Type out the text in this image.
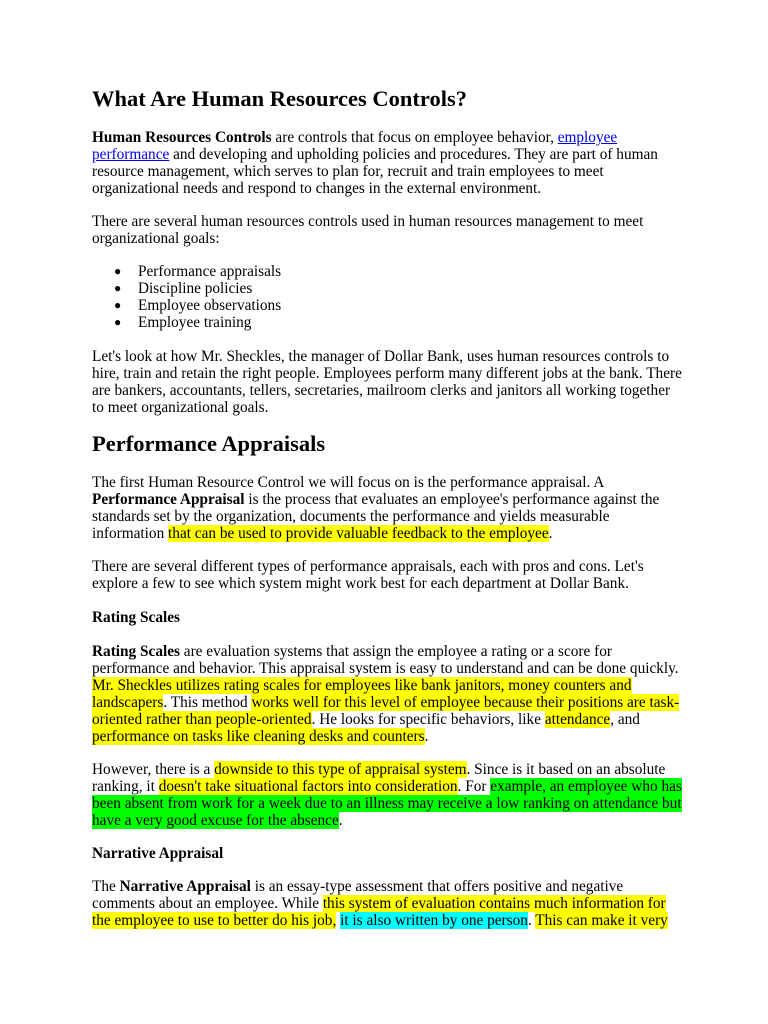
What Are Human Resources Controls?

Human Resources Controls are controls that focus on employee behavior, employee performance and developing and upholding policies and procedures. They are part of human resource management, which serves to plan for, recruit and train employees to meet organizational needs and respond to changes in the external environment.

There are several human resources controls used in human resources management to meet organizational goals:

● Performance appraisals
● Discipline policies
● Employee observations
● Employee training

Let's look at how Mr. Sheckles, the manager of Dollar Bank, uses human resources controls to hire, train and retain the right people. Employees perform many different jobs at the bank. There are bankers, accountants, tellers, secretaries, mailroom clerks and janitors all working together to meet organizational goals.

Performance Appraisals

The first Human Resource Control we will focus on is the performance appraisal. A Performance Appraisal is the process that evaluates an employee's performance against the standards set by the organization, documents the performance and yields measurable information that can be used to provide valuable feedback to the employee.

There are several different types of performance appraisals, each with pros and cons. Let's explore a few to see which system might work best for each department at Dollar Bank.

Rating Scales

Rating Scales are evaluation systems that assign the employee a rating or a score for performance and behavior. This appraisal system is easy to understand and can be done quickly. Mr. Sheckles utilizes rating scales for employees like bank janitors, money counters and landscapers. This method works well for this level of employee because their positions are task-oriented rather than people-oriented. He looks for specific behaviors, like attendance, and performance on tasks like cleaning desks and counters.

However, there is a downside to this type of appraisal system. Since is it based on an absolute ranking, it doesn't take situational factors into consideration. For example, an employee who has been absent from work for a week due to an illness may receive a low ranking on attendance but have a very good excuse for the absence.

Narrative Appraisal

The Narrative Appraisal is an essay-type assessment that offers positive and negative comments about an employee. While this system of evaluation contains much information for the employee to use to better do his job, it is also written by one person. This can make it very
